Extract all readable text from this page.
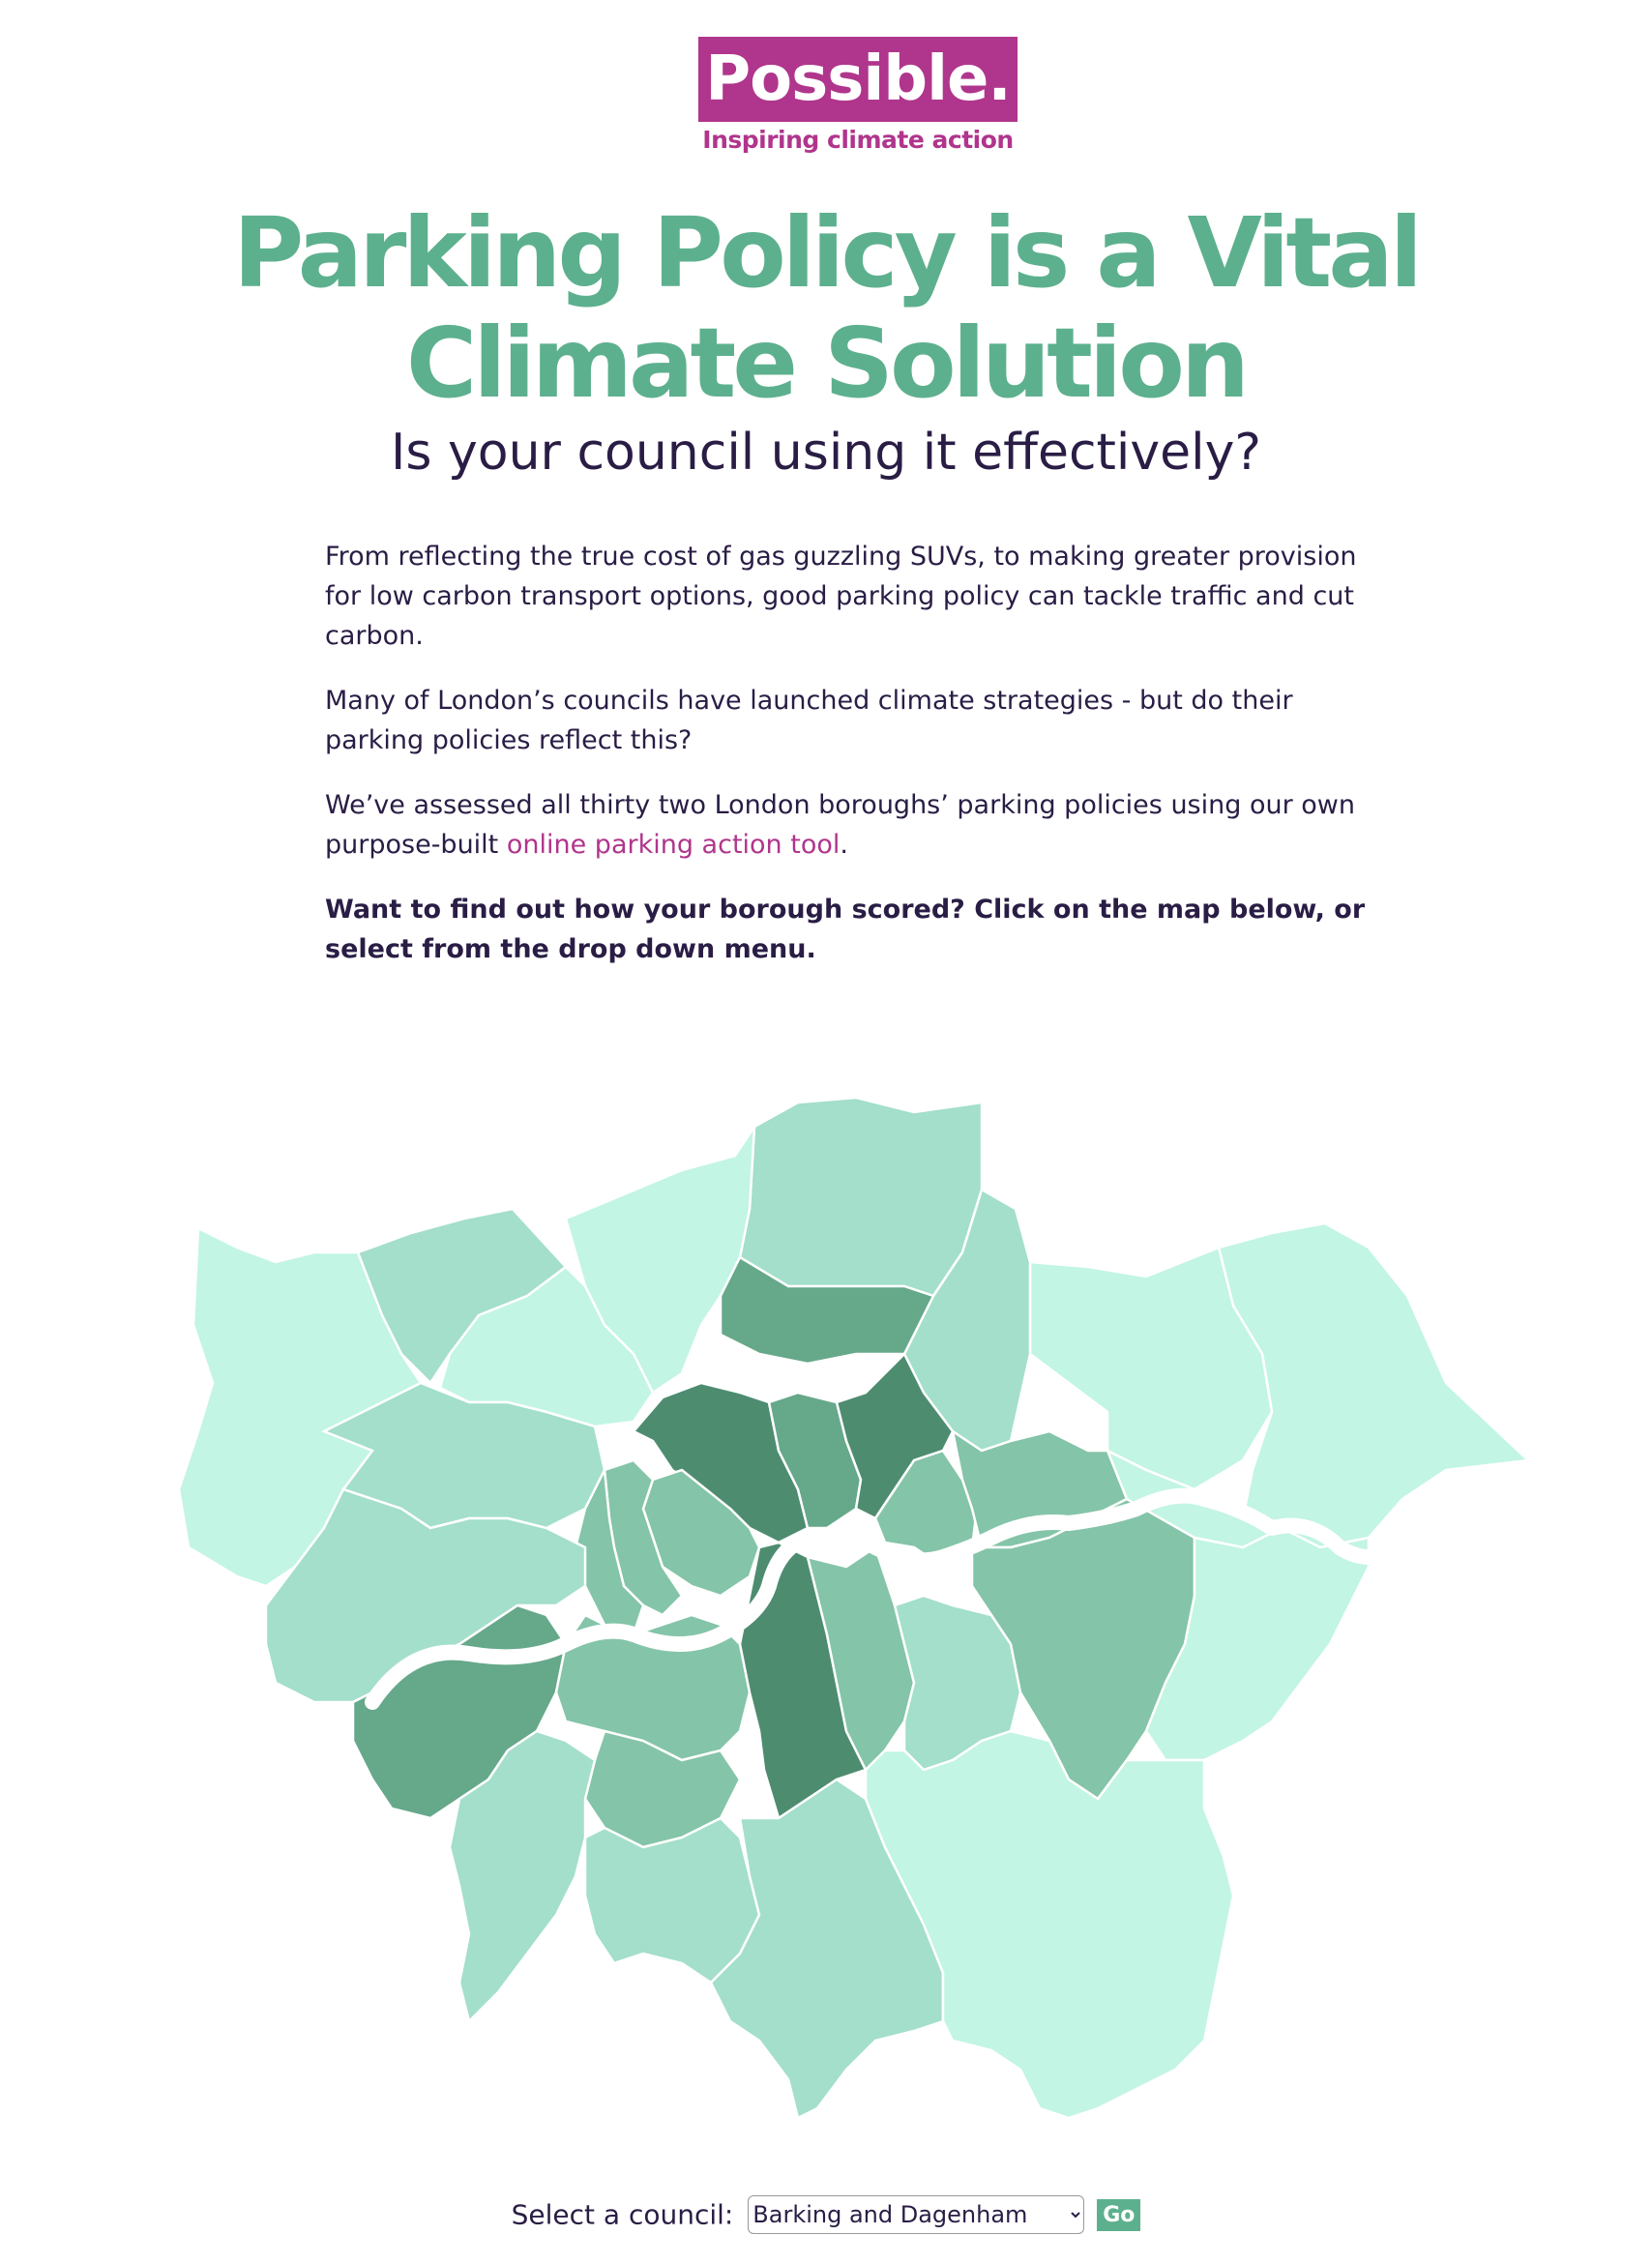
Possible.
Inspiring climate action
Parking Policy is a Vital
Climate Solution
Is your council using it effectively?

From reflecting the true cost of gas guzzling SUVs, to making greater provision for low carbon transport options, good parking policy can tackle traffic and cut carbon.

Many of London’s councils have launched climate strategies - but do their parking policies reflect this?

We’ve assessed all thirty two London boroughs’ parking policies using our own purpose-built online parking action tool.

Want to find out how your borough scored? Click on the map below, or select from the drop down menu.

Select a council:
Barking and Dagenham	Go
